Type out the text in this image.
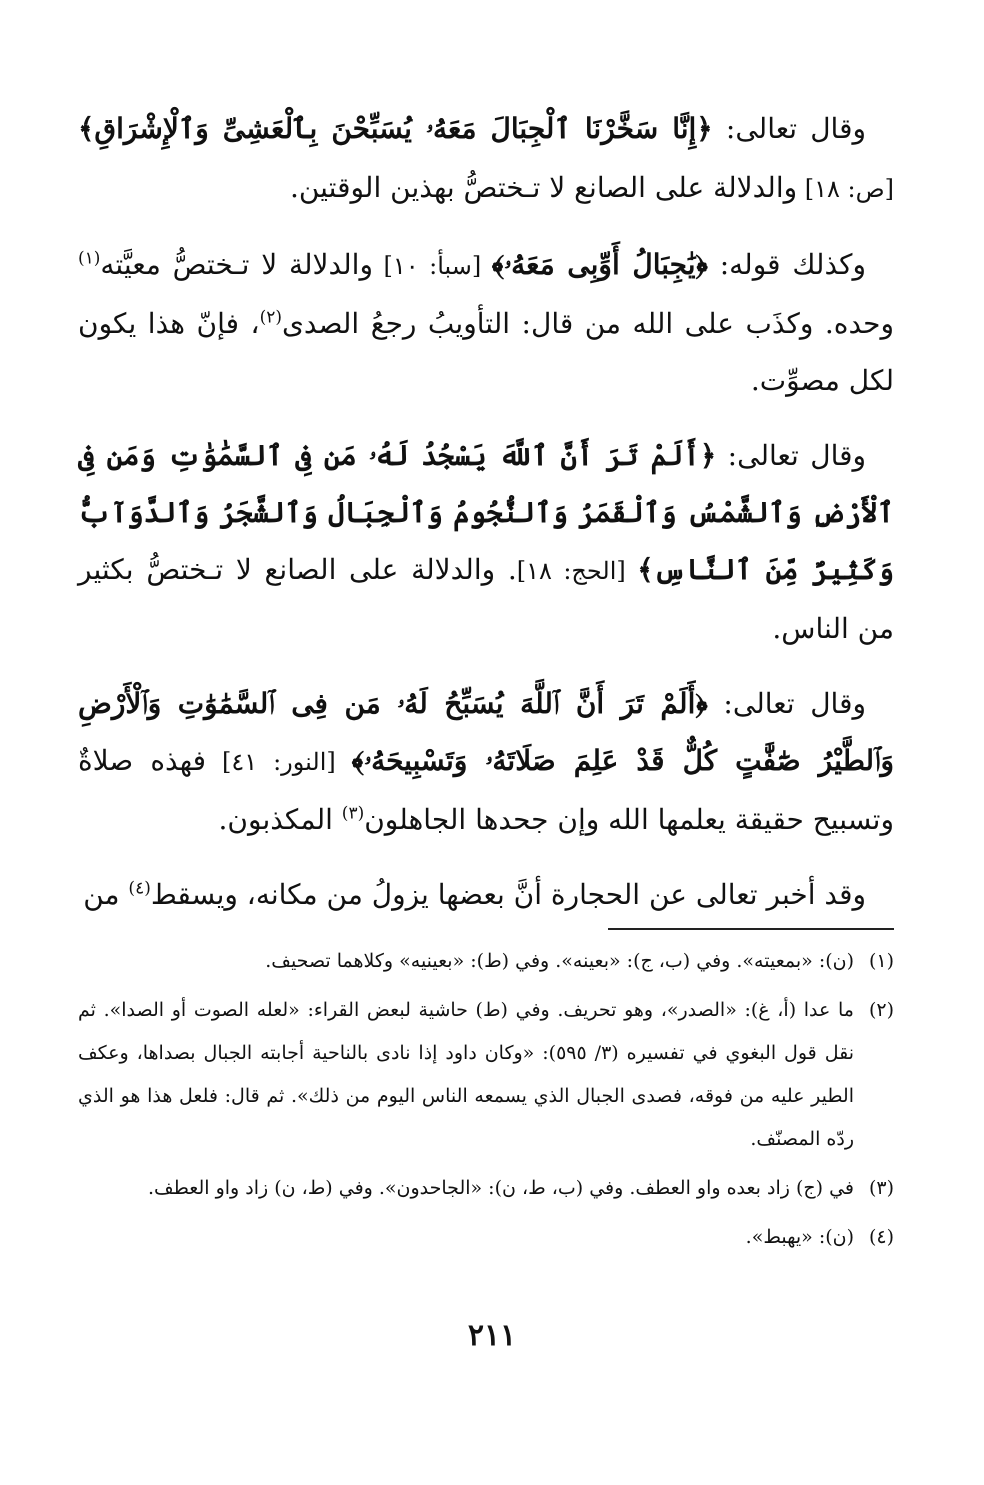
وقال تعالى: ﴿إِنَّا سَخَّرْنَا ٱلْجِبَالَ مَعَهُۥ يُسَبِّحْنَ بِٱلْعَشِىِّ وَٱلْإِشْرَاقِ﴾ [ص: ١٨] والدلالة على الصانع لا تـختصُّ بهذين الوقتين.

وكذلك قوله: ﴿يَٰجِبَالُ أَوِّبِى مَعَهُۥ﴾ [سبأ: ١٠] والدلالة لا تـختصُّ معيَّته$^{(١)}$ وحده. وكذَب على الله من قال: التأويبُ رجعُ الصدى$^{(٢)}$، فإنّ هذا يكون لكل مصوِّت.

وقال تعالى: ﴿أَلَمْ تَرَ أَنَّ ٱللَّهَ يَسْجُدُ لَهُۥ مَن فِى ٱلسَّمَٰوَٰتِ وَمَن فِى ٱلْأَرْضِ وَٱلشَّمْسُ وَٱلْقَمَرُ وَٱلنُّجُومُ وَٱلْجِبَالُ وَٱلشَّجَرُ وَٱلدَّوَآبُّ وَكَثِيرٌ مِّنَ ٱلنَّاسِ﴾ [الحج: ١٨]. والدلالة على الصانع لا تـختصُّ بكثير من الناس.

وقال تعالى: ﴿أَلَمْ تَرَ أَنَّ ٱللَّهَ يُسَبِّحُ لَهُۥ مَن فِى ٱلسَّمَٰوَٰتِ وَٱلْأَرْضِ وَٱلطَّيْرُ صَٰٓفَّٰتٍ كُلٌّ قَدْ عَلِمَ صَلَاتَهُۥ وَتَسْبِيحَهُۥ﴾ [النور: ٤١] فهذه صلاةٌ وتسبيح حقيقة يعلمها الله وإن جحدها الجاهلون$^{(٣)}$ المكذبون.

وقد أخبر تعالى عن الحجارة أنَّ بعضها يزولُ من مكانه، ويسقط$^{(٤)}$ من

(١)
(ن): «بمعيته». وفي (ب، ج): «بعينه». وفي (ط): «بعينيه» وكلاهما تصحيف.
(٢)
ما عدا (أ، غ): «الصدر»، وهو تحريف. وفي (ط) حاشية لبعض القراء: «لعله الصوت أو الصدا». ثم نقل قول البغوي في تفسيره (٣/ ٥٩٥): «وكان داود إذا نادى بالناحية أجابته الجبال بصداها، وعكف الطير عليه من فوقه، فصدى الجبال الذي يسمعه الناس اليوم من ذلك». ثم قال: فلعل هذا هو الذي ردّه المصنّف.
(٣)
في (ج) زاد بعده واو العطف. وفي (ب، ط، ن): «الجاحدون». وفي (ط، ن) زاد واو العطف.
(٤)
(ن): «يهبط».
٢١١
